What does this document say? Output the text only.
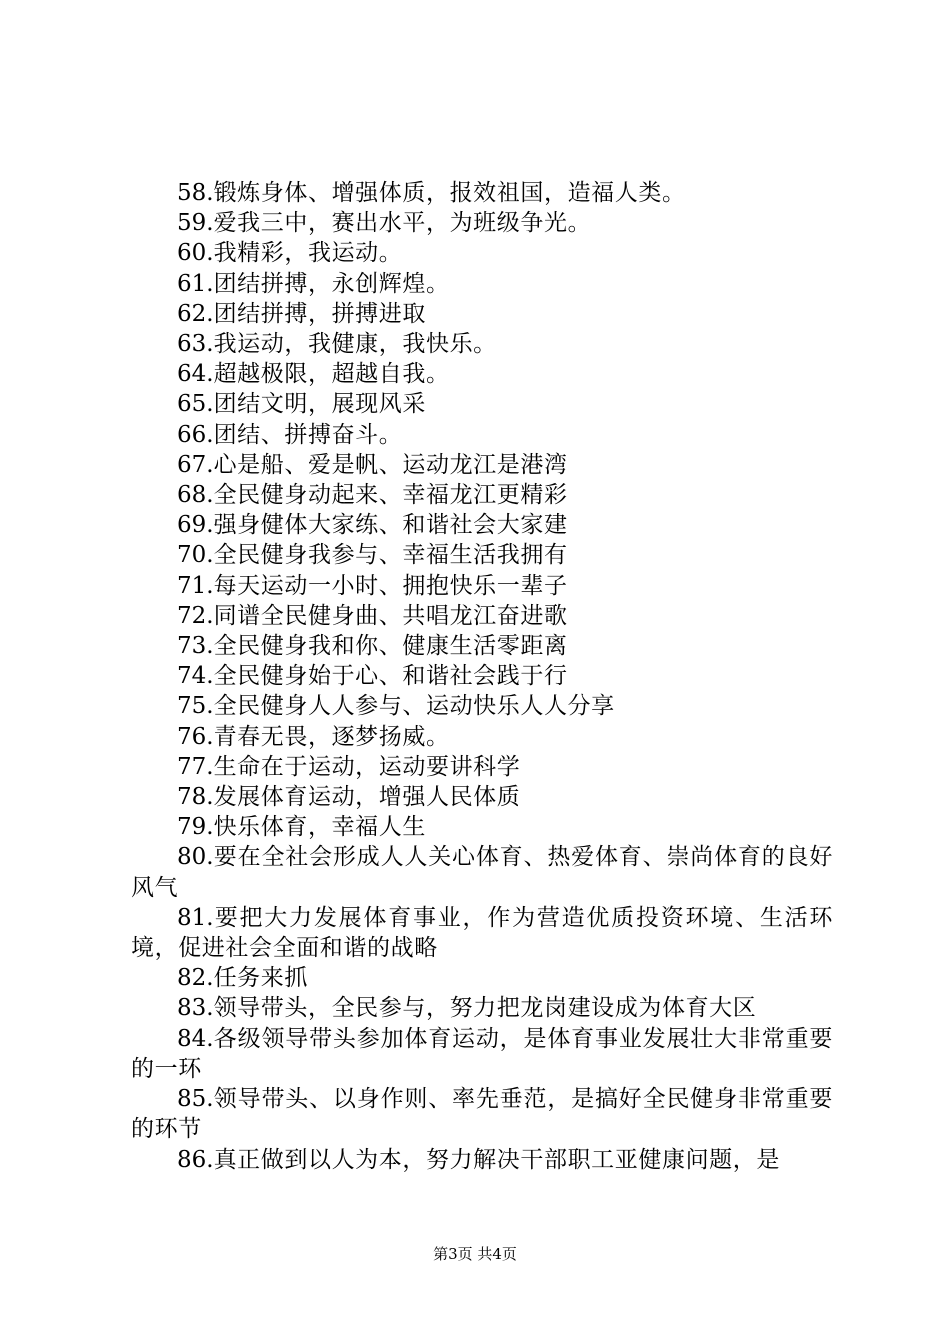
58.锻炼身体、增强体质，报效祖国，造福人类。

59.爱我三中，赛出水平，为班级争光。

60.我精彩，我运动。

61.团结拼搏，永创辉煌。

62.团结拼搏，拼搏进取

63.我运动，我健康，我快乐。

64.超越极限，超越自我。

65.团结文明，展现风采

66.团结、拼搏奋斗。

67.心是船、爱是帆、运动龙江是港湾

68.全民健身动起来、幸福龙江更精彩

69.强身健体大家练、和谐社会大家建

70.全民健身我参与、幸福生活我拥有

71.每天运动一小时、拥抱快乐一辈子

72.同谱全民健身曲、共唱龙江奋进歌

73.全民健身我和你、健康生活零距离

74.全民健身始于心、和谐社会践于行

75.全民健身人人参与、运动快乐人人分享

76.青春无畏，逐梦扬威。

77.生命在于运动，运动要讲科学

78.发展体育运动，增强人民体质

79.快乐体育，幸福人生

80.要在全社会形成人人关心体育、热爱体育、崇尚体育的良好风气

81.要把大力发展体育事业，作为营造优质投资环境、生活环境，促进社会全面和谐的战略

82.任务来抓

83.领导带头，全民参与，努力把龙岗建设成为体育大区

84.各级领导带头参加体育运动，是体育事业发展壮大非常重要的一环

85.领导带头、以身作则、率先垂范，是搞好全民健身非常重要的环节

86.真正做到以人为本，努力解决干部职工亚健康问题，是

第3页 共4页
